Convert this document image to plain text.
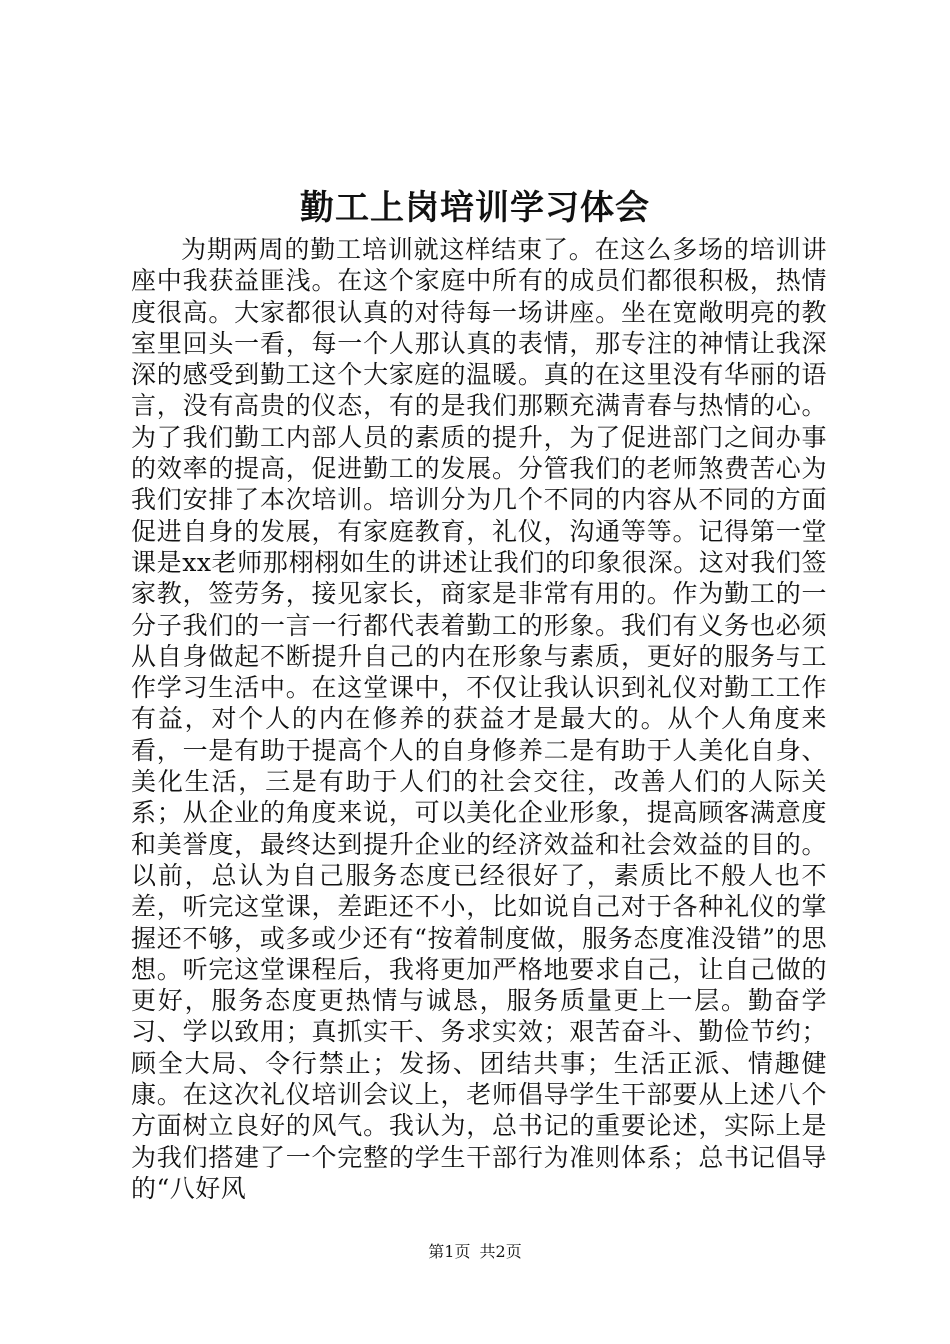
勤工上岗培训学习体会

为期两周的勤工培训就这样结束了。在这么多场的培训讲座中我获益匪浅。在这个家庭中所有的成员们都很积极，热情度很高。大家都很认真的对待每一场讲座。坐在宽敞明亮的教室里回头一看，每一个人那认真的表情，那专注的神情让我深深的感受到勤工这个大家庭的温暖。真的在这里没有华丽的语言，没有高贵的仪态，有的是我们那颗充满青春与热情的心。为了我们勤工内部人员的素质的提升，为了促进部门之间办事的效率的提高，促进勤工的发展。分管我们的老师煞费苦心为我们安排了本次培训。培训分为几个不同的内容从不同的方面促进自身的发展，有家庭教育，礼仪，沟通等等。记得第一堂课是xx老师那栩栩如生的讲述让我们的印象很深。这对我们签家教，签劳务，接见家长，商家是非常有用的。作为勤工的一分子我们的一言一行都代表着勤工的形象。我们有义务也必须从自身做起不断提升自己的内在形象与素质，更好的服务与工作学习生活中。在这堂课中，不仅让我认识到礼仪对勤工工作有益，对个人的内在修养的获益才是最大的。从个人角度来看，一是有助于提高个人的自身修养二是有助于人美化自身、美化生活，三是有助于人们的社会交往，改善人们的人际关系；从企业的角度来说，可以美化企业形象，提高顾客满意度和美誉度，最终达到提升企业的经济效益和社会效益的目的。以前，总认为自己服务态度已经很好了，素质比不般人也不差，听完这堂课，差距还不小，比如说自己对于各种礼仪的掌握还不够，或多或少还有“按着制度做，服务态度准没错”的思想。听完这堂课程后，我将更加严格地要求自己，让自己做的更好，服务态度更热情与诚恳，服务质量更上一层。勤奋学习、学以致用；真抓实干、务求实效；艰苦奋斗、勤俭节约；顾全大局、令行禁止；发扬、团结共事；生活正派、情趣健康。在这次礼仪培训会议上，老师倡导学生干部要从上述八个方面树立良好的风气。我认为，总书记的重要论述，实际上是为我们搭建了一个完整的学生干部行为准则体系；总书记倡导的“八好风

第1页 共2页
